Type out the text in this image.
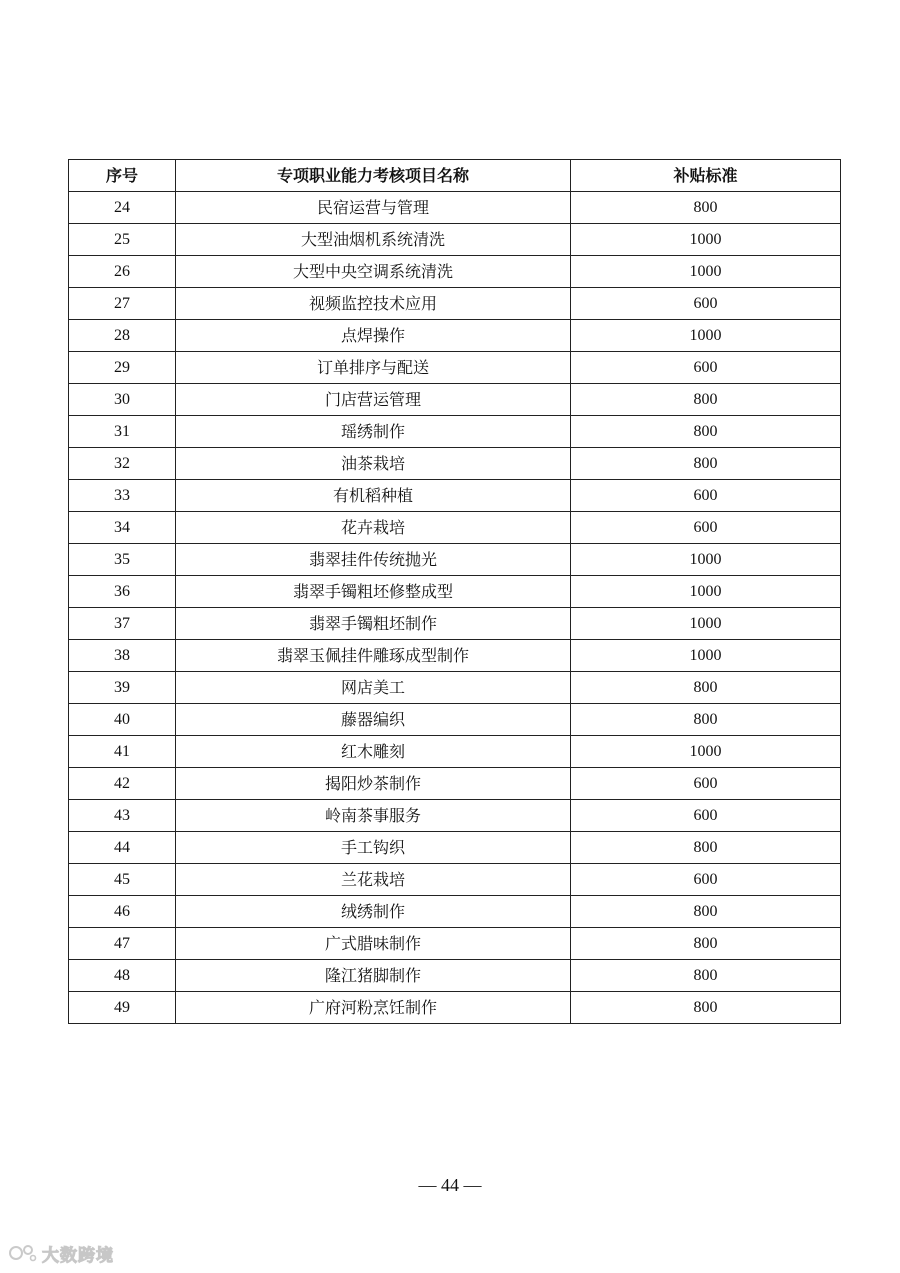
序号	专项职业能力考核项目名称	补贴标准
24	民宿运营与管理	800
25	大型油烟机系统清洗	1000
26	大型中央空调系统清洗	1000
27	视频监控技术应用	600
28	点焊操作	1000
29	订单排序与配送	600
30	门店营运管理	800
31	瑶绣制作	800
32	油茶栽培	800
33	有机稻种植	600
34	花卉栽培	600
35	翡翠挂件传统抛光	1000
36	翡翠手镯粗坯修整成型	1000
37	翡翠手镯粗坯制作	1000
38	翡翠玉佩挂件雕琢成型制作	1000
39	网店美工	800
40	藤器编织	800
41	红木雕刻	1000
42	揭阳炒茶制作	600
43	岭南茶事服务	600
44	手工钩织	800
45	兰花栽培	600
46	绒绣制作	800
47	广式腊味制作	800
48	隆江猪脚制作	800
49	广府河粉烹饪制作	800
— 44 —
大数跨境
